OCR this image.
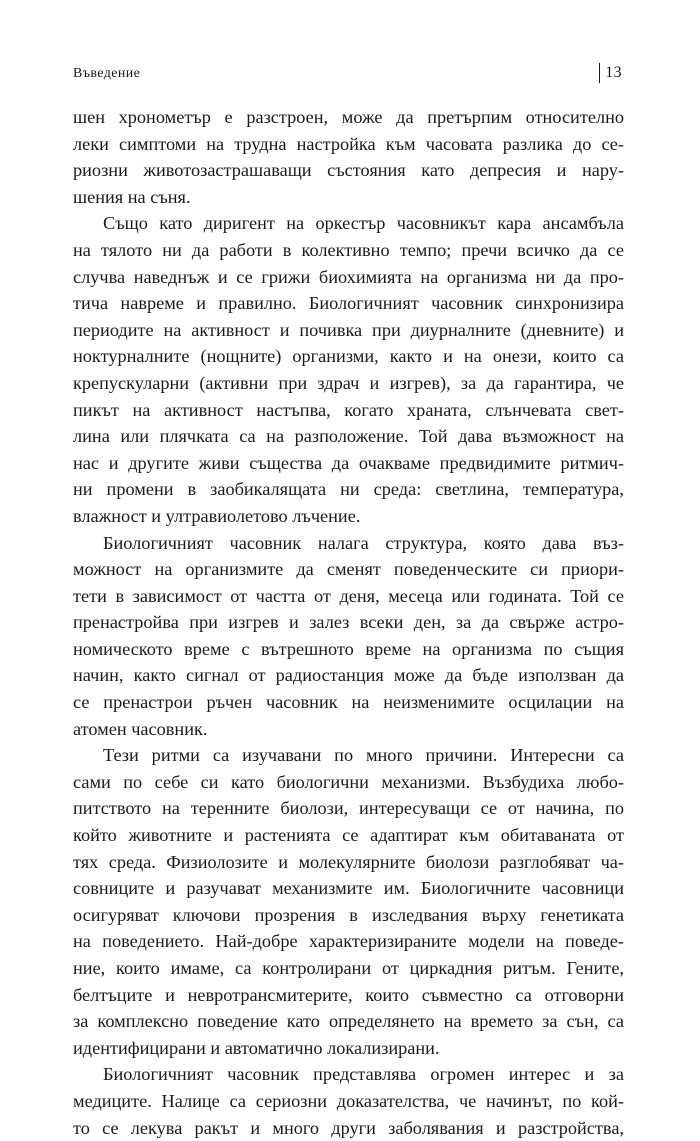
Въведение	13
шен хронометър е разстроен, може да претърпим относително
леки симптоми на трудна настройка към часовата разлика до се-
риозни животозастрашаващи състояния като депресия и нару-
шения на съня.
Също като диригент на оркестър часовникът кара ансамбъла
на тялото ни да работи в колективно темпо; пречи всичко да се
случва наведнъж и се грижи биохимията на организма ни да про-
тича навреме и правилно. Биологичният часовник синхронизира
периодите на активност и почивка при диурналните (дневните) и
ноктурналните (нощните) организми, както и на онези, които са
крепускуларни (активни при здрач и изгрев), за да гарантира, че
пикът на активност настъпва, когато храната, слънчевата свет-
лина или плячката са на разположение. Той дава възможност на
нас и другите живи същества да очакваме предвидимите ритмич-
ни промени в заобикалящата ни среда: светлина, температура,
влажност и ултравиолетово лъчение.
Биологичният часовник налага структура, която дава въз-
можност на организмите да сменят поведенческите си приори-
тети в зависимост от частта от деня, месеца или годината. Той се
пренастройва при изгрев и залез всеки ден, за да свърже астро-
номическото време с вътрешното време на организма по същия
начин, както сигнал от радиостанция може да бъде използван да
се пренастрои ръчен часовник на неизменимите осцилации на
атомен часовник.
Тези ритми са изучавани по много причини. Интересни са
сами по себе си като биологични механизми. Възбудиха любо-
питството на теренните биолози, интересуващи се от начина, по
който животните и растенията се адаптират към обитаваната от
тях среда. Физиолозите и молекулярните биолози разглобяват ча-
совниците и разучават механизмите им. Биологичните часовници
осигуряват ключови прозрения в изследвания върху генетиката
на поведението. Най-добре характеризираните модели на поведе-
ние, които имаме, са контролирани от циркадния ритъм. Гените,
белтъците и невротрансмитерите, които съвместно са отговорни
за комплексно поведение като определянето на времето за сън, са
идентифицирани и автоматично локализирани.
Биологичният часовник представлява огромен интерес и за
медиците. Налице са сериозни доказателства, че начинът, по кой-
то се лекува ракът и много други заболявания и разстройства,
